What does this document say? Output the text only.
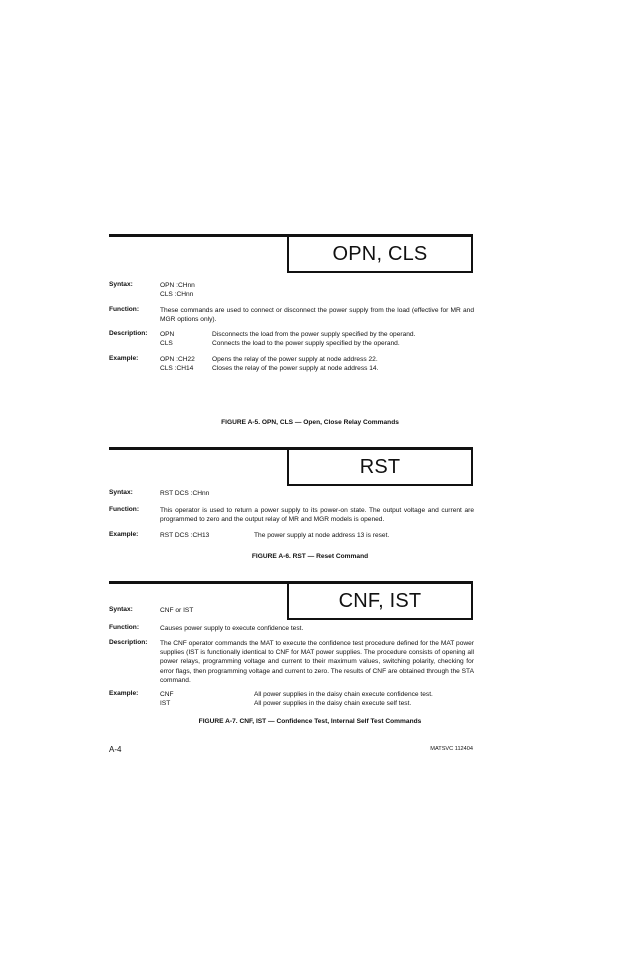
OPN, CLS
Syntax:	OPN :CHnn
CLS :CHnn
Function:	These commands are used to connect or disconnect the power supply from the load (effective for MR and MGR options only).
Description: OPN	Disconnects the load from the power supply specified by the operand.
CLS	Connects the load to the power supply specified by the operand.
Example:	OPN :CH22	Opens the relay of the power supply at node address 22.
CLS :CH14	Closes the relay of the power supply at node address 14.
FIGURE A-5. OPN, CLS — Open, Close Relay Commands
RST
Syntax:	RST DCS :CHnn
Function:	This operator is used to return a power supply to its power-on state. The output voltage and current are programmed to zero and the output relay of MR and MGR models is opened.
Example:	RST DCS :CH13	The power supply at node address 13 is reset.
FIGURE A-6. RST — Reset Command
CNF, IST
Syntax:	CNF or IST
Function:	Causes power supply to execute confidence test.
Description: The CNF operator commands the MAT to execute the confidence test procedure defined for the MAT power supplies (IST is functionally identical to CNF for MAT power supplies. The procedure consists of opening all power relays, programming voltage and current to their maximum values, switching polarity, checking for error flags, then programming voltage and current to zero. The results of CNF are obtained through the STA command.
Example:	CNF	All power supplies in the daisy chain execute confidence test.
IST	All power supplies in the daisy chain execute self test.
FIGURE A-7. CNF, IST — Confidence Test, Internal Self Test Commands
A-4	MATSVC 112404
